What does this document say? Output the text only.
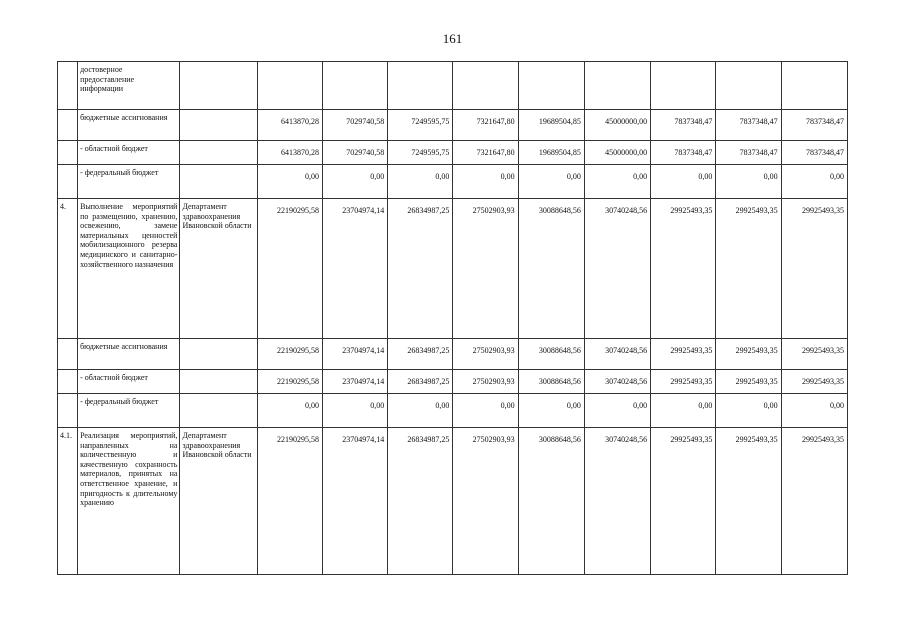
161
	достоверное предоставление информации										
	бюджетные ассигнования		6413870,28	7029740,58	7249595,75	7321647,80	19689504,85	45000000,00	7837348,47	7837348,47	7837348,47
	- областной бюджет		6413870,28	7029740,58	7249595,75	7321647,80	19689504,85	45000000,00	7837348,47	7837348,47	7837348,47
	- федеральный бюджет		0,00	0,00	0,00	0,00	0,00	0,00	0,00	0,00	0,00
4.	Выполнение мероприятий по размещению, хранению, освежению, замене материальных ценностей мобилизационного резерва медицинского и санитарно-хозяйственного назначения	Департамент здравоохранения Ивановской области	22190295,58	23704974,14	26834987,25	27502903,93	30088648,56	30740248,56	29925493,35	29925493,35	29925493,35
	бюджетные ассигнования		22190295,58	23704974,14	26834987,25	27502903,93	30088648,56	30740248,56	29925493,35	29925493,35	29925493,35
	- областной бюджет		22190295,58	23704974,14	26834987,25	27502903,93	30088648,56	30740248,56	29925493,35	29925493,35	29925493,35
	- федеральный бюджет		0,00	0,00	0,00	0,00	0,00	0,00	0,00	0,00	0,00
4.1.	Реализация мероприятий, направленных на количественную и качественную сохранность материалов, принятых на ответственное хранение, и пригодность к длительному хранению	Департамент здравоохранения Ивановской области	22190295,58	23704974,14	26834987,25	27502903,93	30088648,56	30740248,56	29925493,35	29925493,35	29925493,35
